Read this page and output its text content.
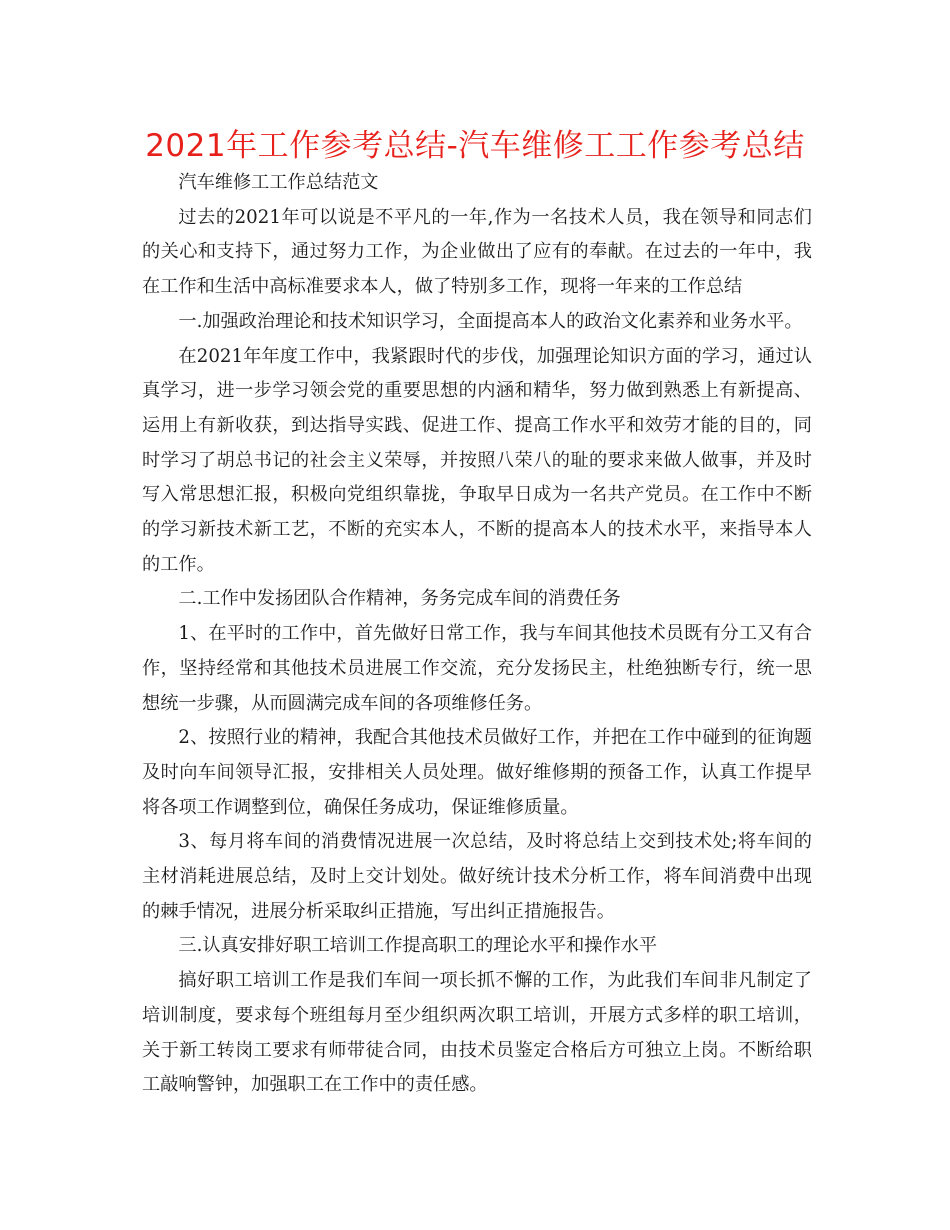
2021年工作参考总结-汽车维修工工作参考总结

汽车维修工工作总结范文

过去的2021年可以说是不平凡的一年,作为一名技术人员，我在领导和同志们的关心和支持下，通过努力工作，为企业做出了应有的奉献。在过去的一年中，我在工作和生活中高标准要求本人，做了特别多工作，现将一年来的工作总结

一.加强政治理论和技术知识学习，全面提高本人的政治文化素养和业务水平。

在2021年年度工作中，我紧跟时代的步伐，加强理论知识方面的学习，通过认真学习，进一步学习领会党的重要思想的内涵和精华，努力做到熟悉上有新提高、运用上有新收获，到达指导实践、促进工作、提高工作水平和效劳才能的目的，同时学习了胡总书记的社会主义荣辱，并按照八荣八的耻的要求来做人做事，并及时写入常思想汇报，积极向党组织靠拢，争取早日成为一名共产党员。在工作中不断的学习新技术新工艺，不断的充实本人，不断的提高本人的技术水平，来指导本人的工作。

二.工作中发扬团队合作精神，务务完成车间的消费任务

1、在平时的工作中，首先做好日常工作，我与车间其他技术员既有分工又有合作，坚持经常和其他技术员进展工作交流，充分发扬民主，杜绝独断专行，统一思想统一步骤，从而圆满完成车间的各项维修任务。

2、按照行业的精神，我配合其他技术员做好工作，并把在工作中碰到的征询题及时向车间领导汇报，安排相关人员处理。做好维修期的预备工作，认真工作提早将各项工作调整到位，确保任务成功，保证维修质量。

3、每月将车间的消费情况进展一次总结，及时将总结上交到技术处;将车间的主材消耗进展总结，及时上交计划处。做好统计技术分析工作，将车间消费中出现的棘手情况，进展分析采取纠正措施，写出纠正措施报告。

三.认真安排好职工培训工作提高职工的理论水平和操作水平

搞好职工培训工作是我们车间一项长抓不懈的工作，为此我们车间非凡制定了培训制度，要求每个班组每月至少组织两次职工培训，开展方式多样的职工培训，关于新工转岗工要求有师带徒合同，由技术员鉴定合格后方可独立上岗。不断给职工敲响警钟，加强职工在工作中的责任感。
